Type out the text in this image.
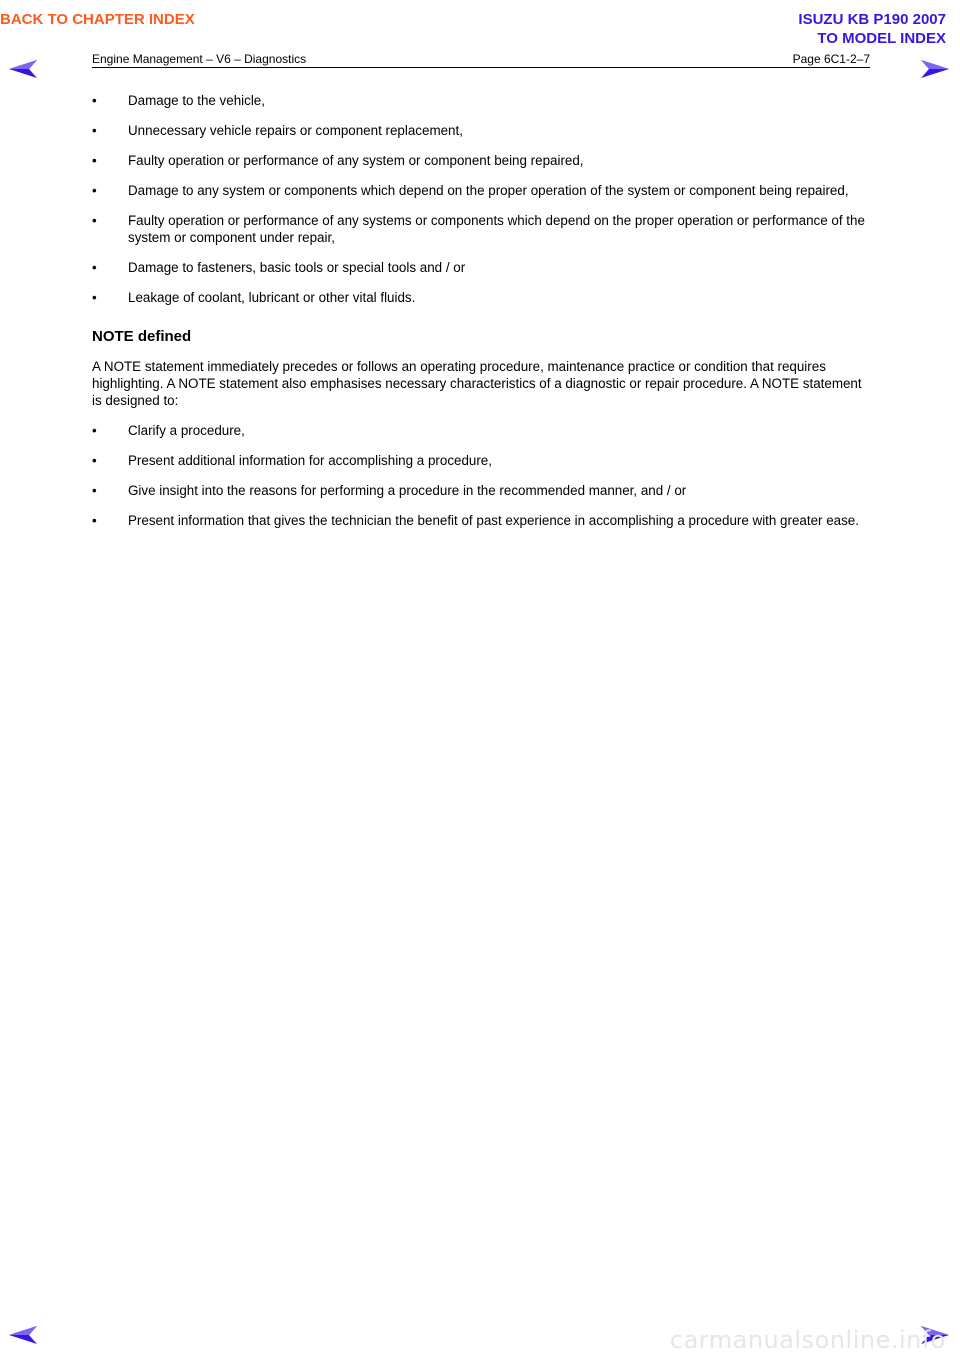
BACK TO CHAPTER INDEX	ISUZU KB P190 2007
TO MODEL INDEX
Engine Management – V6 – Diagnostics	Page 6C1-2–7
•	Damage to the vehicle,
•	Unnecessary vehicle repairs or component replacement,
•	Faulty operation or performance of any system or component being repaired,
•	Damage to any system or components which depend on the proper operation of the system or component being repaired,
•	Faulty operation or performance of any systems or components which depend on the proper operation or performance of the system or component under repair,
•	Damage to fasteners, basic tools or special tools and / or
•	Leakage of coolant, lubricant or other vital fluids.
NOTE defined
A NOTE statement immediately precedes or follows an operating procedure, maintenance practice or condition that requires highlighting. A NOTE statement also emphasises necessary characteristics of a diagnostic or repair procedure. A NOTE statement is designed to:
•	Clarify a procedure,
•	Present additional information for accomplishing a procedure,
•	Give insight into the reasons for performing a procedure in the recommended manner, and / or
•	Present information that gives the technician the benefit of past experience in accomplishing a procedure with greater ease.
carmanualsonline.info
